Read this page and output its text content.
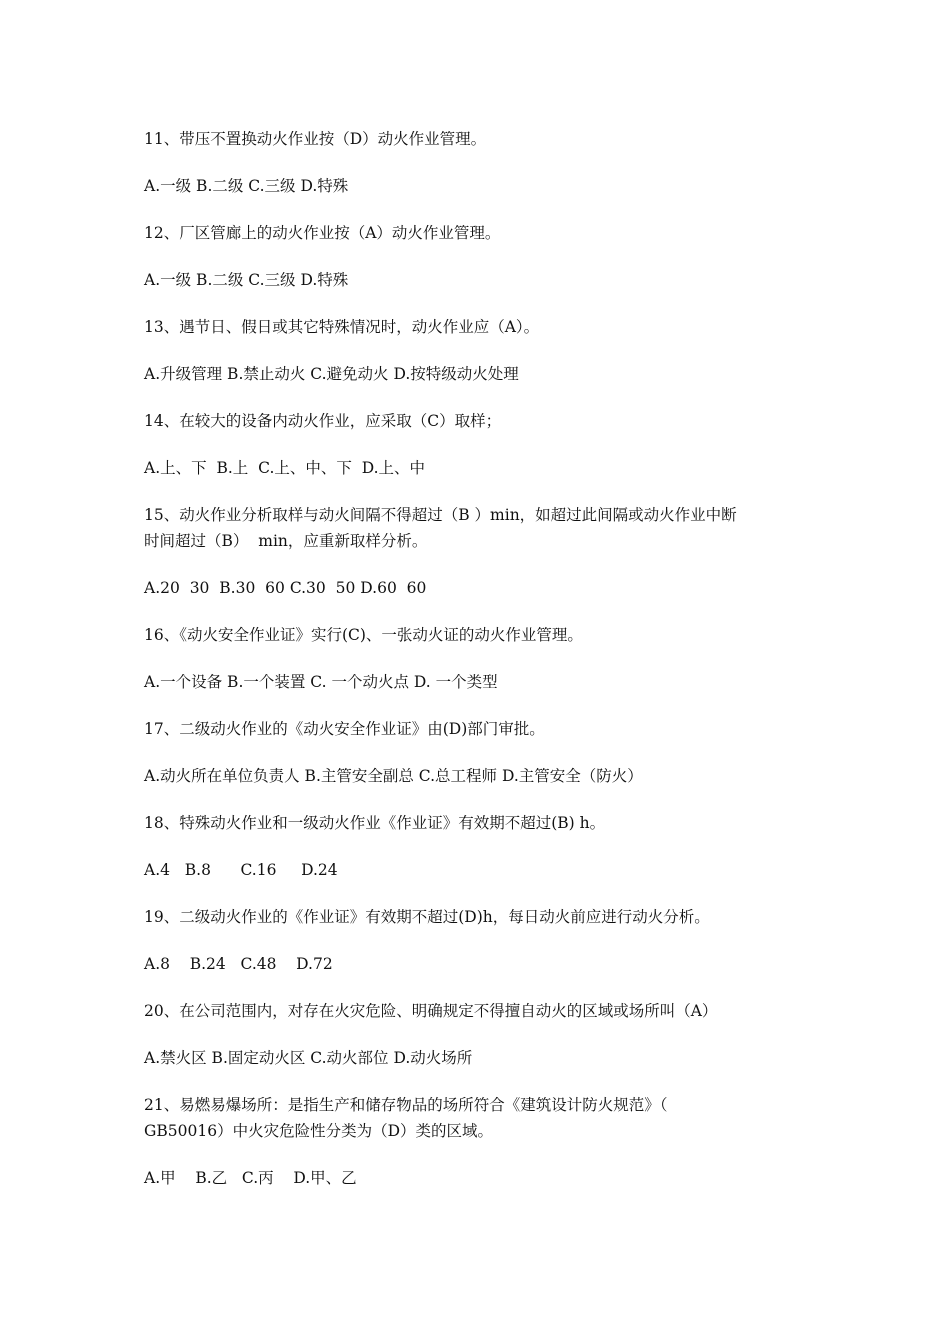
11、带压不置换动火作业按（D）动火作业管理。

A.一级 B.二级 C.三级 D.特殊

12、厂区管廊上的动火作业按（A）动火作业管理。

A.一级 B.二级 C.三级 D.特殊

13、遇节日、假日或其它特殊情况时，动火作业应（A）。

A.升级管理 B.禁止动火 C.避免动火 D.按特级动火处理

14、在较大的设备内动火作业，应采取（C）取样；

A.上、下  B.上  C.上、中、下  D.上、中

15、动火作业分析取样与动火间隔不得超过（B ）min，如超过此间隔或动火作业中断
时间超过（B）  min，应重新取样分析。

A.20  30  B.30  60 C.30  50 D.60  60

16、《动火安全作业证》实行(C)、一张动火证的动火作业管理。

A.一个设备 B.一个装置 C. 一个动火点 D. 一个类型

17、二级动火作业的《动火安全作业证》由(D)部门审批。

A.动火所在单位负责人 B.主管安全副总 C.总工程师 D.主管安全（防火）

18、特殊动火作业和一级动火作业《作业证》有效期不超过(B) h。

A.4   B.8      C.16     D.24

19、二级动火作业的《作业证》有效期不超过(D)h，每日动火前应进行动火分析。

A.8    B.24   C.48    D.72

20、在公司范围内，对存在火灾危险、明确规定不得擅自动火的区域或场所叫（A）

A.禁火区 B.固定动火区 C.动火部位 D.动火场所

21、易燃易爆场所：是指生产和储存物品的场所符合《建筑设计防火规范》（
GB50016）中火灾危险性分类为（D）类的区域。

A.甲    B.乙   C.丙    D.甲、乙
